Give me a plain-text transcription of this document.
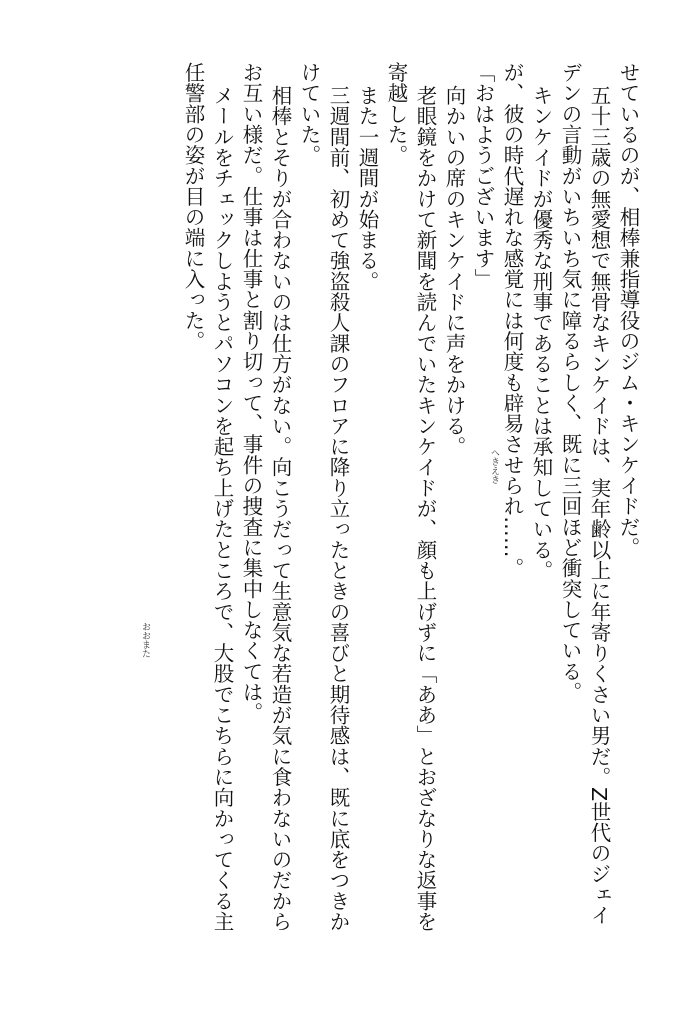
せているのが、相棒兼指導役のジム・キンケイドだ。
五十三歳の無愛想で無骨なキンケイドは、実年齢以上に年寄りくさい男だ。Z世代のジェイ
デンの言動がいちいち気に障るらしく、既に三回ほど衝突している。
キンケイドが優秀な刑事であることは承知している。
が、彼の時代遅れな感覚には何度も辟易させられ……。
「おはようございます」
向かいの席のキンケイドに声をかける。
老眼鏡をかけて新聞を読んでいたキンケイドが、顔も上げずに「ああ」とおざなりな返事を
寄越した。
また一週間が始まる。
三週間前、初めて強盗殺人課のフロアに降り立ったときの喜びと期待感は、既に底をつきか
けていた。
相棒とそりが合わないのは仕方がない。向こうだって生意気な若造が気に食わないのだから
お互い様だ。仕事は仕事と割り切って、事件の捜査に集中しなくては。
メールをチェックしようとパソコンを起ち上げたところで、大股でこちらに向かってくる主
任警部の姿が目の端に入った。
へきえき
おおまた
